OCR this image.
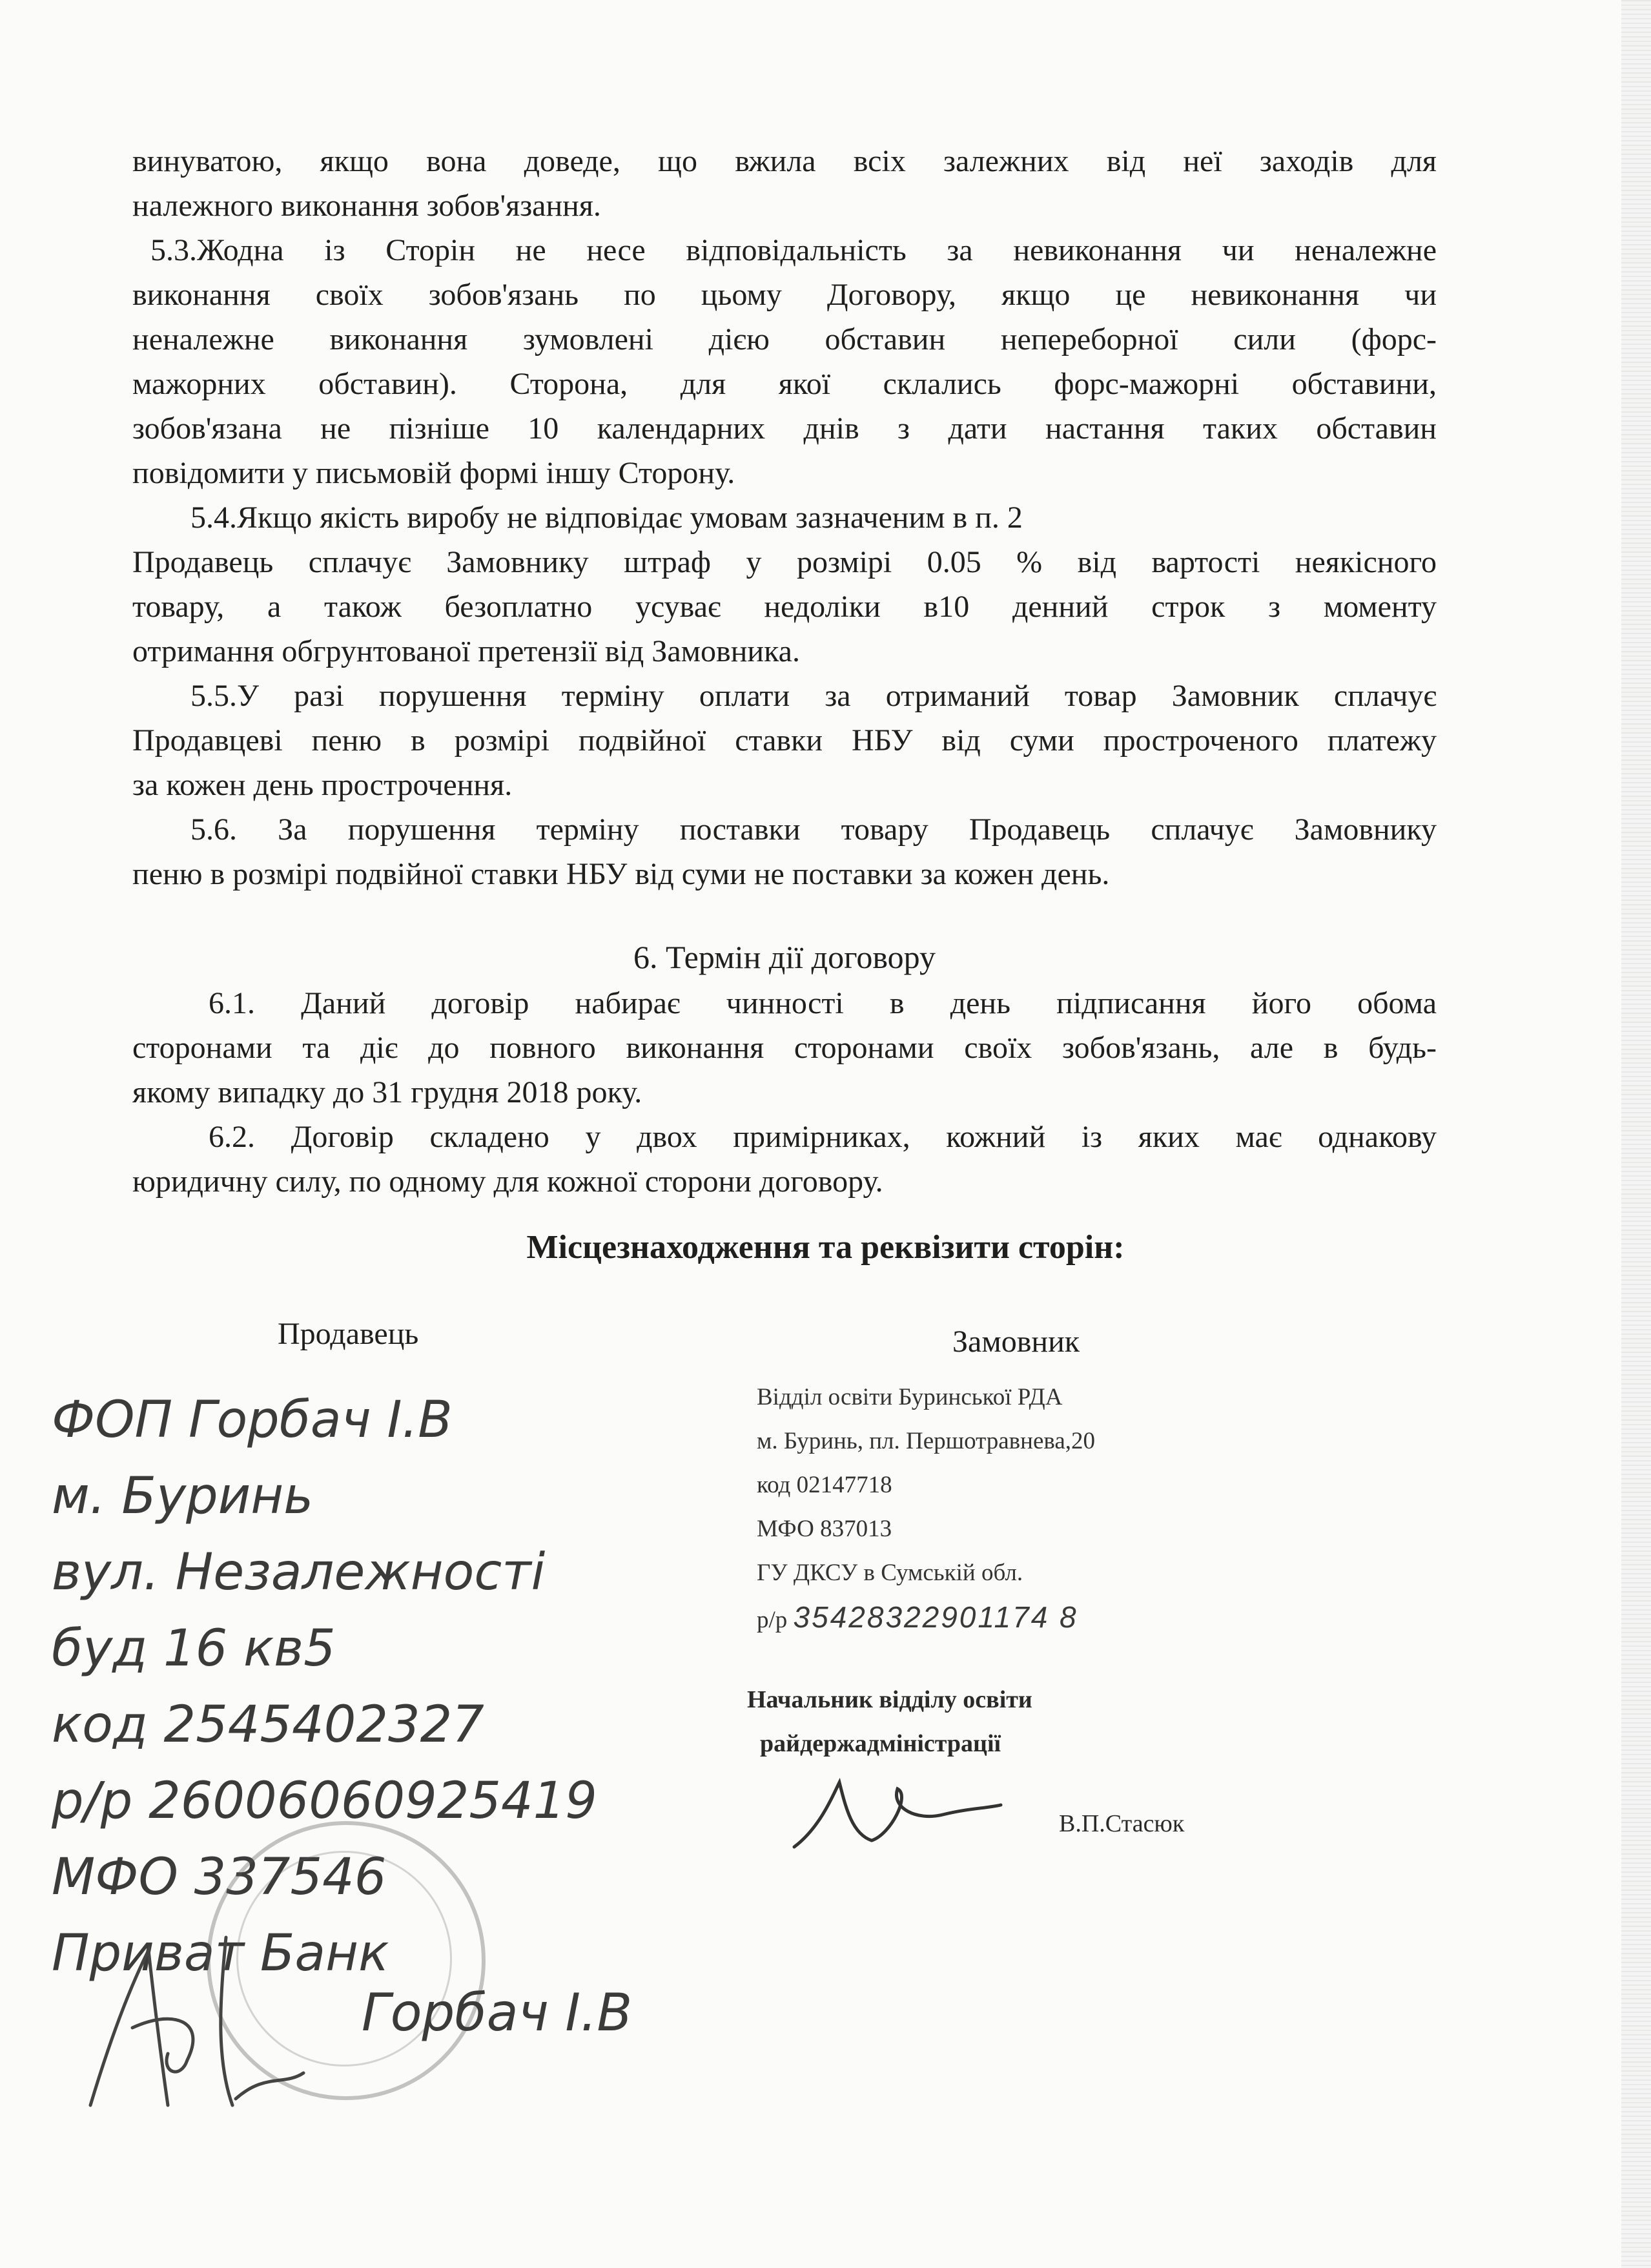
винуватою, якщо вона доведе, що вжила всіх залежних від неї заходів для
належного виконання зобов'язання.
5.3.Жодна із Сторін не несе відповідальність за невиконання чи неналежне
виконання своїх зобов'язань по цьому Договору, якщо це невиконання чи
неналежне виконання зумовлені дією обставин непереборної сили (форс-
мажорних обставин). Сторона, для якої склались форс-мажорні обставини,
зобов'язана не пізніше 10 календарних днів з дати настання таких обставин
повідомити у письмовій формі іншу Сторону.
5.4.Якщо якість виробу не відповідає умовам зазначеним в п. 2
Продавець сплачує Замовнику штраф у розмірі 0.05 % від вартості неякісного
товару, а також безоплатно усуває недоліки в10 денний строк з моменту
отримання обгрунтованої претензії від Замовника.
5.5.У разі порушення терміну оплати за отриманий товар Замовник сплачує
Продавцеві пеню в розмірі подвійної ставки НБУ від суми простроченого платежу
за кожен день прострочення.
5.6. За порушення терміну поставки товару Продавець сплачує Замовнику
пеню в розмірі подвійної ставки НБУ від суми не поставки за кожен день.
6. Термін дії договору
6.1. Даний договір набирає чинності в день підписання його обома
сторонами та діє до повного виконання сторонами своїх зобов'язань, але в будь-
якому випадку до 31 грудня 2018 року.
6.2. Договір складено у двох примірниках, кожний із яких має однакову
юридичну силу, по одному для кожної сторони договору.
Місцезнаходження та реквізити сторін:
Продавець	Замовник
ФОП Горбач І.В
м. Буринь
вул. Незалежності
буд 16 кв5
код 2545402327
р/р 26006060925419
МФО 337546
Приват Банк
Горбач І.В
Відділ освіти Буринської РДА
м. Буринь, пл. Першотравнева,20
код 02147718
МФО 837013
ГУ ДКСУ в Сумській обл.
р/р 35428322901174 8
Начальник відділу освіти
райдержадміністрації
В.П.Стасюк
